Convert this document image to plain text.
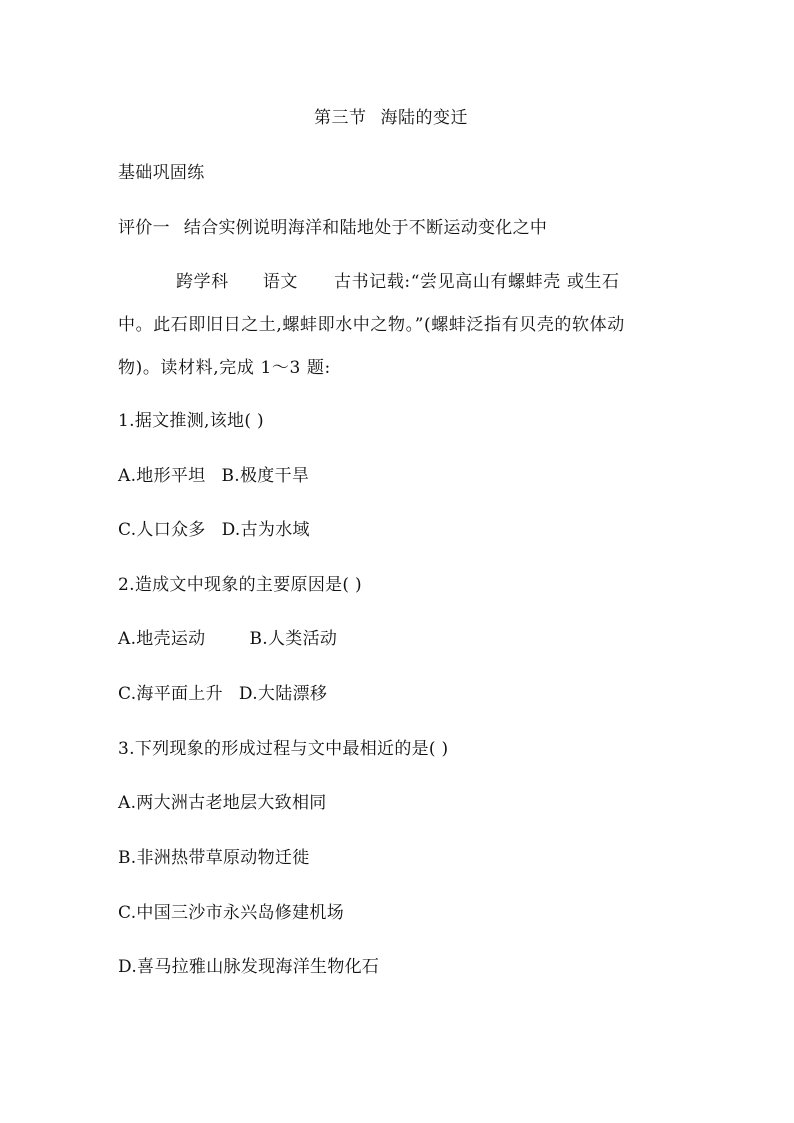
第三节 海陆的变迁
基础巩固练
评价一 结合实例说明海洋和陆地处于不断运动变化之中
跨学科 语文 古书记载:“尝见高山有螺蚌壳 或生石
中。此石即旧日之土,螺蚌即水中之物。”(螺蚌泛指有贝壳的软体动
物)。读材料,完成 1～3 题:
1.据文推测,该地( )
A.地形平坦 B.极度干旱
C.人口众多 D.古为水域
2.造成文中现象的主要原因是( )
A.地壳运动	B.人类活动
C.海平面上升 D.大陆漂移
3.下列现象的形成过程与文中最相近的是( )
A.两大洲古老地层大致相同
B.非洲热带草原动物迁徙
C.中国三沙市永兴岛修建机场
D.喜马拉雅山脉发现海洋生物化石
